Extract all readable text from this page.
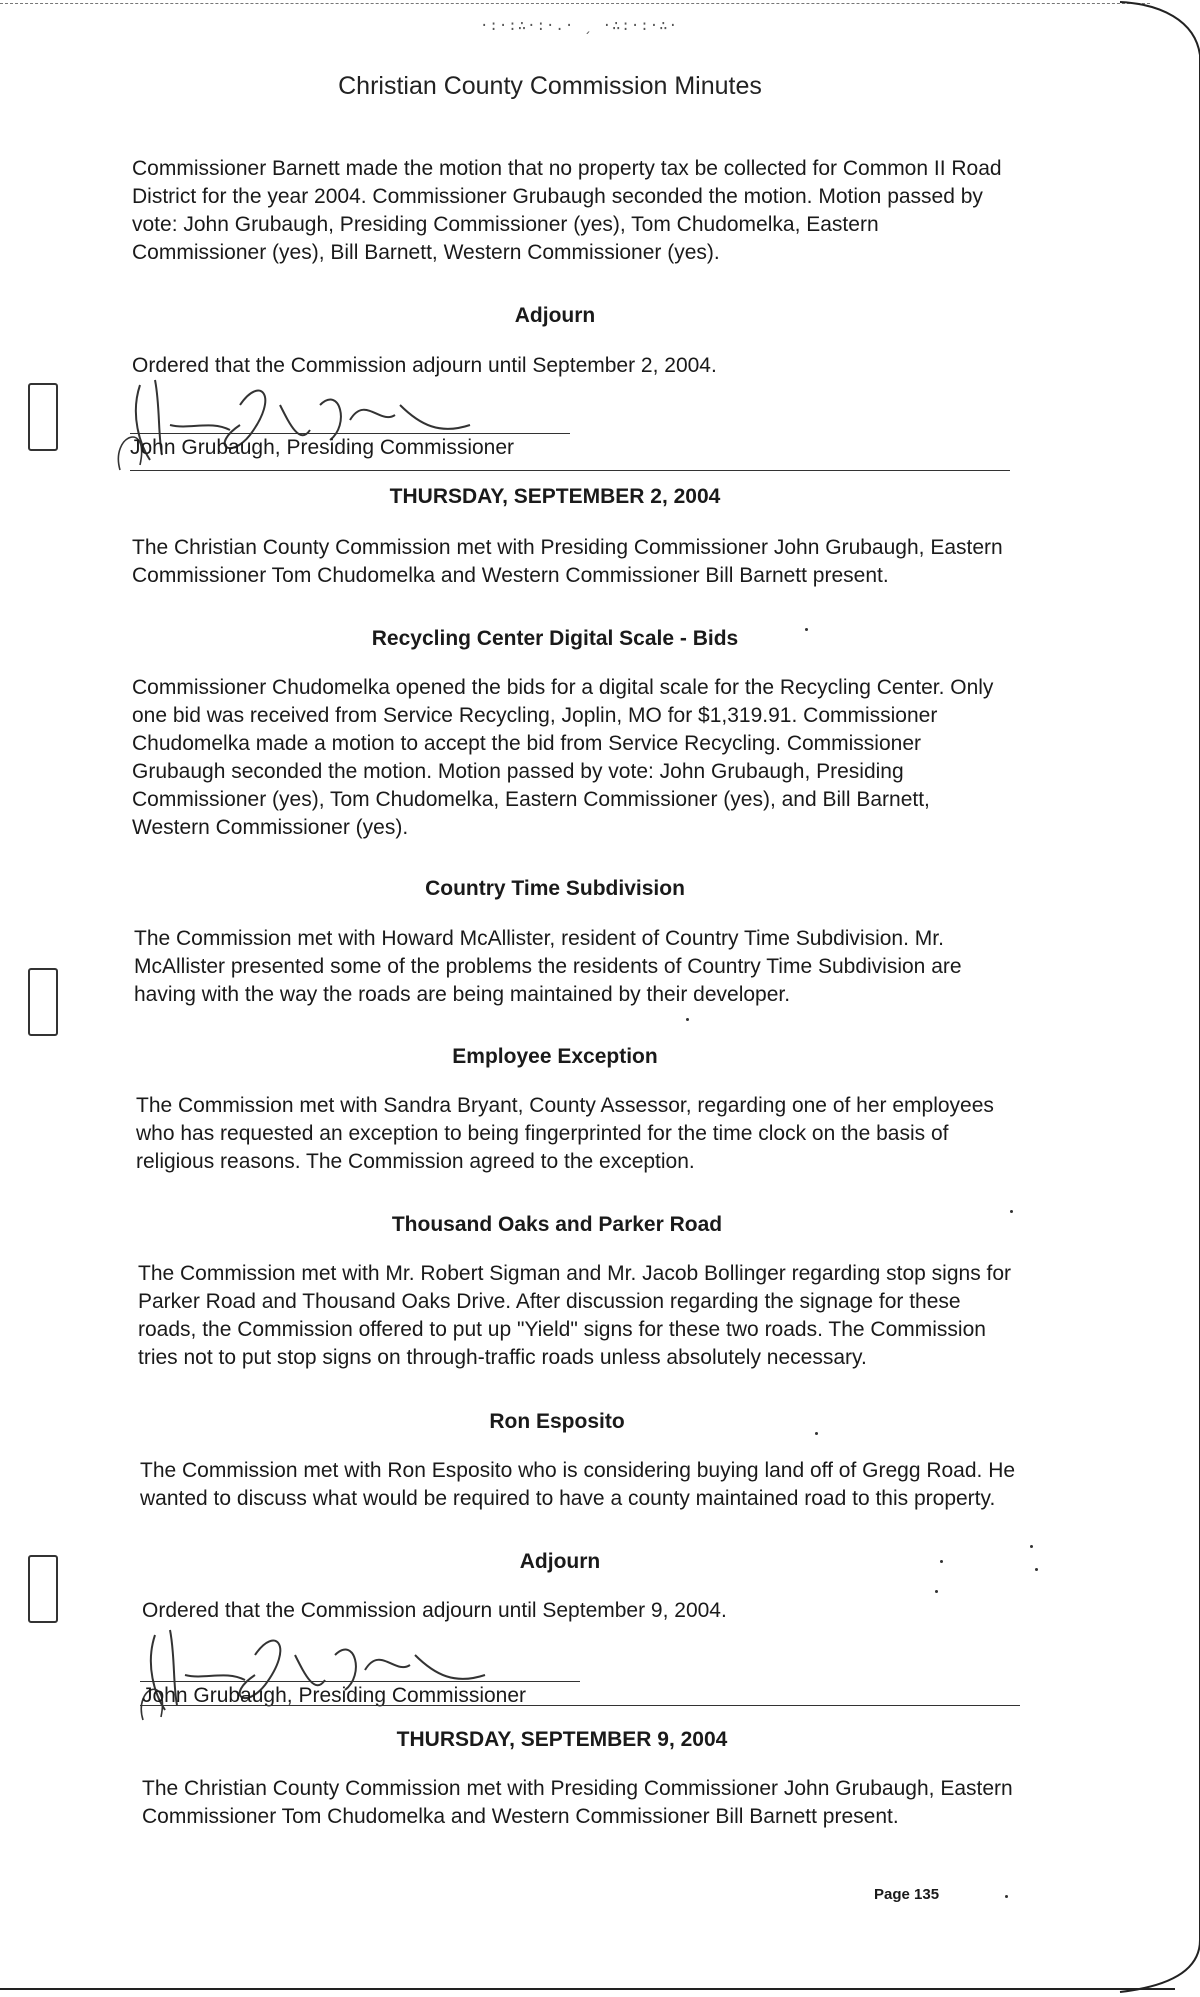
·:·:∴·:·.· ˏ ·∴:·:·∴·
Christian County Commission Minutes

Commissioner Barnett made the motion that no property tax be collected for Common II Road District for the year 2004. Commissioner Grubaugh seconded the motion. Motion passed by vote: John Grubaugh, Presiding Commissioner (yes), Tom Chudomelka, Eastern Commissioner (yes), Bill Barnett, Western Commissioner (yes).

Adjourn

Ordered that the Commission adjourn until September 2, 2004.

John Grubaugh, Presiding Commissioner
THURSDAY, SEPTEMBER 2, 2004

The Christian County Commission met with Presiding Commissioner John Grubaugh, Eastern Commissioner Tom Chudomelka and Western Commissioner Bill Barnett present.

Recycling Center Digital Scale - Bids

Commissioner Chudomelka opened the bids for a digital scale for the Recycling Center. Only one bid was received from Service Recycling, Joplin, MO for $1,319.91. Commissioner Chudomelka made a motion to accept the bid from Service Recycling. Commissioner Grubaugh seconded the motion. Motion passed by vote: John Grubaugh, Presiding Commissioner (yes), Tom Chudomelka, Eastern Commissioner (yes), and Bill Barnett, Western Commissioner (yes).

Country Time Subdivision

The Commission met with Howard McAllister, resident of Country Time Subdivision. Mr. McAllister presented some of the problems the residents of Country Time Subdivision are having with the way the roads are being maintained by their developer.

Employee Exception

The Commission met with Sandra Bryant, County Assessor, regarding one of her employees who has requested an exception to being fingerprinted for the time clock on the basis of religious reasons. The Commission agreed to the exception.

Thousand Oaks and Parker Road

The Commission met with Mr. Robert Sigman and Mr. Jacob Bollinger regarding stop signs for Parker Road and Thousand Oaks Drive. After discussion regarding the signage for these roads, the Commission offered to put up "Yield" signs for these two roads. The Commission tries not to put stop signs on through-traffic roads unless absolutely necessary.

Ron Esposito

The Commission met with Ron Esposito who is considering buying land off of Gregg Road. He wanted to discuss what would be required to have a county maintained road to this property.

Adjourn

Ordered that the Commission adjourn until September 9, 2004.

John Grubaugh, Presiding Commissioner
THURSDAY, SEPTEMBER 9, 2004

The Christian County Commission met with Presiding Commissioner John Grubaugh, Eastern Commissioner Tom Chudomelka and Western Commissioner Bill Barnett present.

Page 135
